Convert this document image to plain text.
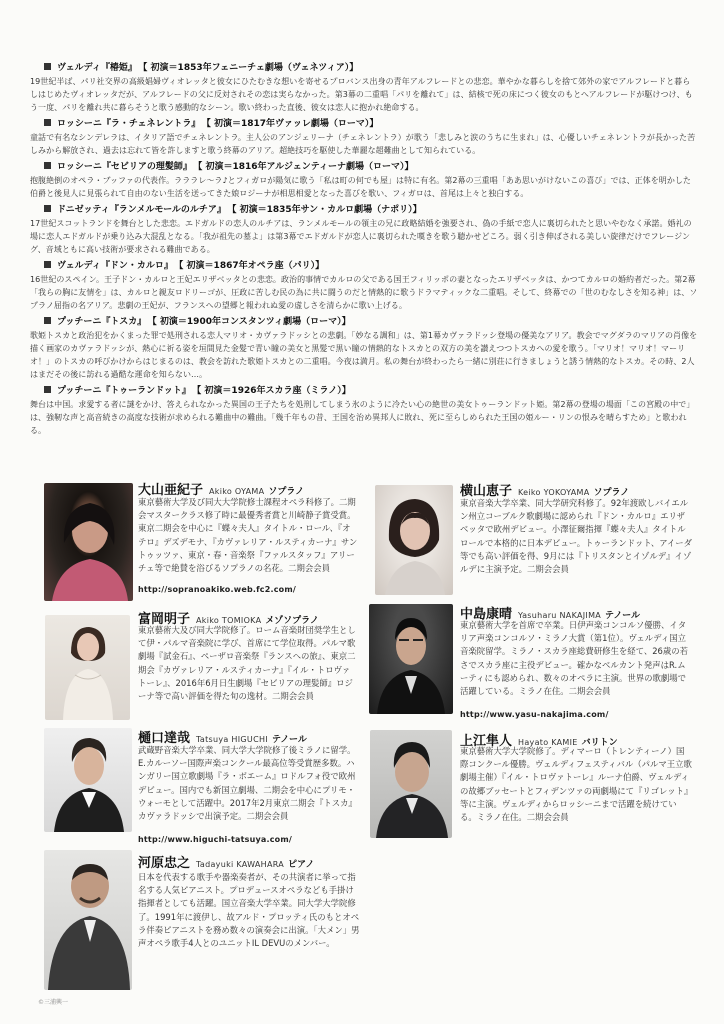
ヴェルディ『椿姫』 【 初演＝1853年フェニーチェ劇場（ヴェネツィア）】
19世紀半ば、パリ社交界の高級娼婦ヴィオレッタと彼女にひたむきな想いを寄せるプロバンス出身の青年アルフレードとの悲恋。華やかな暮らしを捨て郊外の家でアルフレードと暮らしはじめたヴィオレッタだが、アルフレードの父に反対されその恋は実らなかった。第3幕の二重唱「パリを離れて」は、結核で死の床につく彼女のもとへアルフレードが駆けつけ、もう一度、パリを離れ共に暮らそうと歌う感動的なシーン。歌い終わった直後、彼女は恋人に抱かれ絶命する。
ロッシーニ『ラ・チェネレントラ』 【 初演＝1817年ヴァッレ劇場（ローマ）】
童話で有名なシンデレラは、イタリア語でチェネレントラ。主人公のアンジェリーナ（チェネレントラ）が歌う「悲しみと涙のうちに生まれ」は、心優しいチェネレントラが長かった苦しみから解放され、過去は忘れて皆を許しますと歌う終幕のアリア。超絶技巧を駆使した華麗な超難曲として知られている。
ロッシーニ『セビリアの理髪師』 【 初演＝1816年アルジェンティーナ劇場（ローマ）】
抱腹絶倒のオペラ・ブッファの代表作。ラララレ〜ラ♪とフィガロが陽気に歌う「私は町の何でも屋」は特に有名。第2幕の三重唱「ああ思いがけないこの喜び」では、正体を明かした伯爵と後見人に見張られて自由のない生活を送ってきた娘ロジーナが相思相愛となった喜びを歌い、フィガロは、首尾は上々と独白する。
ドニゼッティ『ランメルモールのルチア』 【 初演＝1835年サン・カルロ劇場（ナポリ）】
17世紀スコットランドを舞台とした悲恋。エドガルドの恋人のルチアは、ランメルモールの領主の兄に政略結婚を強要され、偽の手紙で恋人に裏切られたと思いやむなく承諾。婚礼の場に恋人エドガルドが乗り込み大混乱となる。「我が祖先の墓よ」は第3幕でエドガルドが恋人に裏切られた嘆きを歌う聴かせどころ。弱く引き伸ばされる美しい旋律だけでフレージング、音域ともに高い技術が要求される難曲である。
ヴェルディ『ドン・カルロ』 【 初演＝1867年オペラ座（パリ）】
16世紀のスペイン。王子ドン・カルロと王妃エリザベッタとの悲恋。政治的事情でカルロの父である国王フィリッポの妻となったエリザベッタは、かつてカルロの婚約者だった。第2幕「我らの胸に友情を」は、カルロと親友ロドリーゴが、圧政に苦しむ民の為に共に闘うのだと情熱的に歌うドラマティックな二重唱。そして、終幕での「世のむなしさを知る神」は、ソプラノ屈指の名アリア。悲劇の王妃が、フランスへの望郷と報われぬ愛の虚しさを清らかに歌い上げる。
プッチーニ『トスカ』 【 初演＝1900年コンスタンツィ劇場（ローマ）】
歌姫トスカと政治犯をかくまった罪で処刑される恋人マリオ・カヴァラドッシとの悲劇。「妙なる調和」は、第1幕カヴァラドッシ登場の優美なアリア。教会でマグダラのマリアの肖像を描く画家のカヴァラドッシが、熱心に祈る姿を垣間見た金髪で青い瞳の美女と黒髪で黒い瞳の情熱的なトスカとの双方の美を讃えつつトスカへの愛を歌う。「マリオ！マリオ！マーリオ！」のトスカの呼びかけからはじまるのは、教会を訪れた歌姫トスカとの二重唱。今夜は満月。私の舞台が終わったら一緒に別荘に行きましょうと誘う情熱的なトスカ。その時、2人はまだその後に訪れる過酷な運命を知らない…。
プッチーニ『トゥーランドット』 【 初演＝1926年スカラ座（ミラノ）】
舞台は中国。求愛する者に謎をかけ、答えられなかった異国の王子たちを処刑してしまう氷のように冷たい心の絶世の美女トゥーランドット姫。第2幕の登場の場面「この宮殿の中で」は、強靭な声と高音続きの高度な技術が求められる難曲中の難曲。「幾千年もの昔、王国を治め異邦人に敗れ、死に至らしめられた王国の姫ルー・リンの恨みを晴らすため」と歌われる。
大山亜紀子 Akiko OYAMA ソプラノ
東京藝術大学及び同大大学院修士課程オペラ科修了。二期会マスタークラス修了時に最優秀者賞と川崎静子賞受賞。東京二期会を中心に『蝶々夫人』タイトル・ロール、『オテロ』デズデモナ、『カヴァレリア・ルスティカーナ』サントゥッツァ、東京・春・音楽祭『ファルスタッフ』アリーチェ等で絶賛を浴びるソプラノの名花。二期会会員
http://sopranoakiko.web.fc2.com/
横山恵子 Keiko YOKOYAMA ソプラノ
東京音楽大学卒業、同大学研究科修了。92年渡欧しバイエルン州立コーブルク歌劇場に認められ『ドン・カルロ』エリザベッタで欧州デビュー。小澤征爾指揮『蝶々夫人』タイトルロールで本格的に日本デビュー。トゥーランドット、アイーダ等でも高い評価を得、9月には『トリスタンとイゾルデ』イゾルデに主演予定。二期会会員
富岡明子 Akiko TOMIOKA メゾソプラノ
東京藝術大及び同大学院修了。ローム音楽財団奨学生として伊・パルマ音楽院に学び、首席にて学位取得。パルマ歌劇場『試金石』、ペーザロ音楽祭『ランスへの旅』、東京二期会『カヴァレリア・ルスティカーナ』『イル・トロヴァトーレ』、2016年6月日生劇場『セビリアの理髪師』ロジーナ等で高い評価を得た旬の逸材。二期会会員
中島康晴 Yasuharu NAKAJIMA テノール
東京藝術大学を首席で卒業。日伊声楽コンコルソ優勝、イタリア声楽コンコルソ・ミラノ大賞（第1位）。ヴェルディ国立音楽院留学。ミラノ・スカラ座総費研修生を経て、26歳の若さでスカラ座に主役デビュー。確かなベルカント発声はR.ムーティにも認められ、数々のオペラに主演。世界の歌劇場で活躍している。ミラノ在住。二期会会員
http://www.yasu-nakajima.com/
樋口達哉 Tatsuya HIGUCHI テノール
武蔵野音楽大学卒業、同大学大学院修了後ミラノに留学。E.カルーソー国際声楽コンクール最高位等受賞歴多数。ハンガリー国立歌劇場『ラ・ボエーム』ロドルフォ役で欧州デビュー。国内でも新国立劇場、二期会を中心にプリモ・ウォーモとして活躍中。2017年2月東京二期会『トスカ』カヴァラドッシで出演予定。二期会会員
http://www.higuchi-tatsuya.com/
上江隼人 Hayato KAMIE バリトン
東京藝術大学大学院修了。ディマーロ（トレンティーノ）国際コンクール優勝。ヴェルディフェスティバル（パルマ王立歌劇場主催）『イル・トロヴァトーレ』ルーナ伯爵、ヴェルディの故郷ブッセートとフィデンツァの両劇場にて『リゴレット』等に主演。ヴェルディからロッシーニまで活躍を続けている。ミラノ在住。二期会会員
河原忠之 Tadayuki KAWAHARA ピアノ
日本を代表する歌手や器楽奏者が、その共演者に挙って指名する人気ピアニスト。プロデュースオペラなども手掛け指揮者としても活躍。国立音楽大学卒業。同大学大学院修了。1991年に渡伊し、故アルド・プロッティ氏のもとオペラ伴奏ピアニストを務め数々の演奏会に出演。「大メン」男声オペラ歌手4人とのユニットIL DEVUのメンバー。
©三浦興一
